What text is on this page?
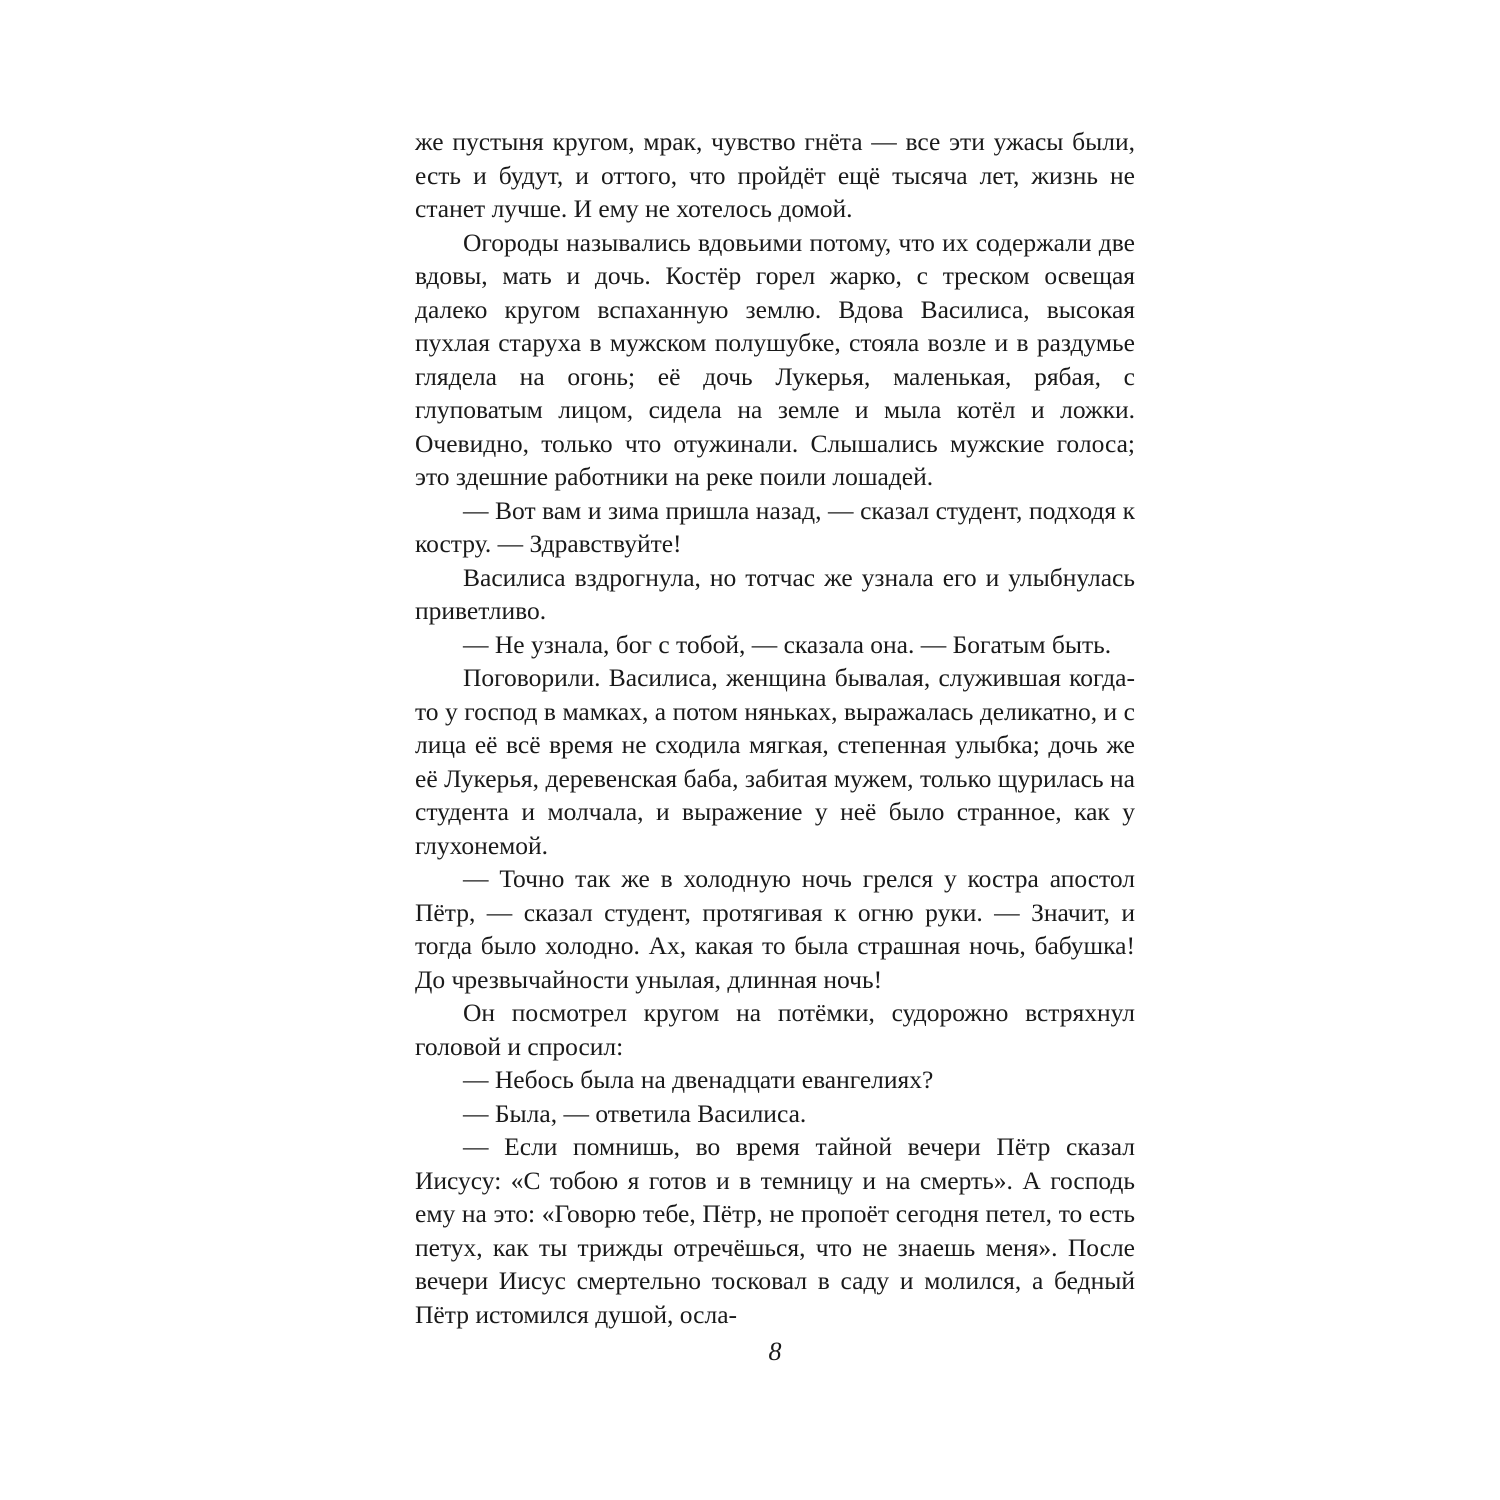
же пустыня кругом, мрак, чувство гнёта — все эти ужасы были, есть и будут, и оттого, что пройдёт ещё тысяча лет, жизнь не станет лучше. И ему не хотелось домой.

Огороды назывались вдовьими потому, что их содержали две вдовы, мать и дочь. Костёр горел жарко, с треском освещая далеко кругом вспаханную землю. Вдова Василиса, высокая пухлая старуха в мужском полушубке, стояла возле и в раздумье глядела на огонь; её дочь Лукерья, маленькая, рябая, с глуповатым лицом, сидела на земле и мыла котёл и ложки. Очевидно, только что отужинали. Слышались мужские голоса; это здешние работники на реке поили лошадей.

— Вот вам и зима пришла назад, — сказал студент, подходя к костру. — Здравствуйте!

Василиса вздрогнула, но тотчас же узнала его и улыбнулась приветливо.

— Не узнала, бог с тобой, — сказала она. — Богатым быть.

Поговорили. Василиса, женщина бывалая, служившая когда-то у господ в мамках, а потом няньках, выражалась деликатно, и с лица её всё время не сходила мягкая, степенная улыбка; дочь же её Лукерья, деревенская баба, забитая мужем, только щурилась на студента и молчала, и выражение у неё было странное, как у глухонемой.

— Точно так же в холодную ночь грелся у костра апостол Пётр, — сказал студент, протягивая к огню руки. — Значит, и тогда было холодно. Ах, какая то была страшная ночь, бабушка! До чрезвычайности унылая, длинная ночь!

Он посмотрел кругом на потёмки, судорожно встряхнул головой и спросил:

— Небось была на двенадцати евангелиях?

— Была, — ответила Василиса.

— Если помнишь, во время тайной вечери Пётр сказал Иисусу: «С тобою я готов и в темницу и на смерть». А господь ему на это: «Говорю тебе, Пётр, не пропоёт сегодня петел, то есть петух, как ты трижды отречёшься, что не знаешь меня». После вечери Иисус смертельно тосковал в саду и молился, а бедный Пётр истомился душой, осла-

8
